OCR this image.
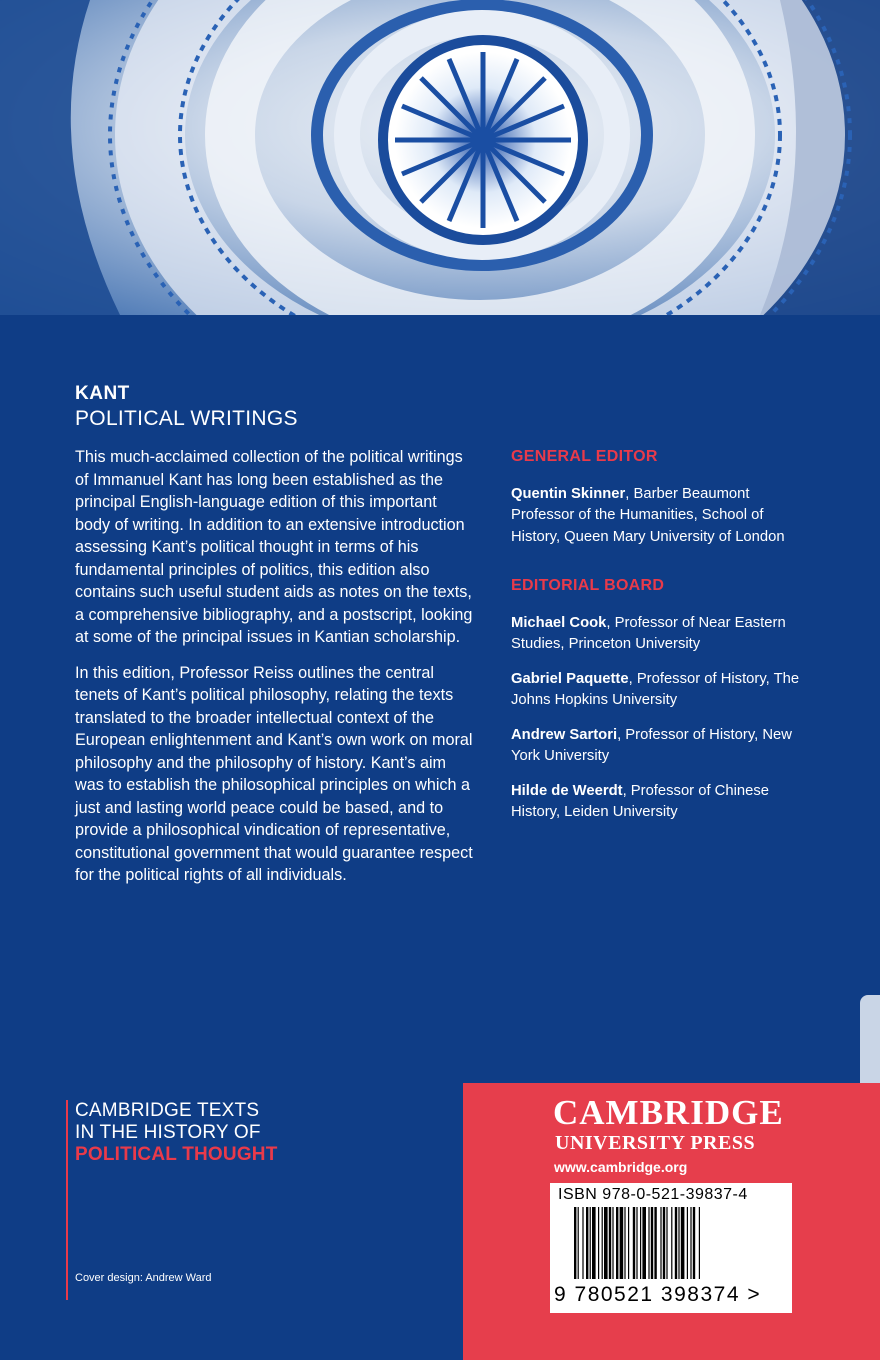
KANT
POLITICAL WRITINGS

This much-acclaimed collection of the political writings of Immanuel Kant has long been established as the principal English-language edition of this important body of writing. In addition to an extensive introduction assessing Kant’s political thought in terms of his fundamental principles of politics, this edition also contains such useful student aids as notes on the texts, a comprehensive bibliography, and a postscript, looking at some of the principal issues in Kantian scholarship.

In this edition, Professor Reiss outlines the central tenets of Kant’s political philosophy, relating the texts translated to the broader intellectual context of the European enlightenment and Kant’s own work on moral philosophy and the philosophy of history. Kant’s aim was to establish the philosophical principles on which a just and lasting world peace could be based, and to provide a philosophical vindication of representative, constitutional government that would guarantee respect for the political rights of all individuals.

GENERAL EDITOR
Quentin Skinner, Barber Beaumont Professor of the Humanities, School of History, Queen Mary University of London
EDITORIAL BOARD
Michael Cook, Professor of Near Eastern Studies, Princeton University
Gabriel Paquette, Professor of History, The Johns Hopkins University
Andrew Sartori, Professor of History, New York University
Hilde de Weerdt, Professor of Chinese History, Leiden University
CAMBRIDGE TEXTS
IN THE HISTORY OF
POLITICAL THOUGHT
Cover design: Andrew Ward
CAMBRIDGE
UNIVERSITY PRESS
www.cambridge.org
ISBN 978-0-521-39837-4
9 780521 398374 >
